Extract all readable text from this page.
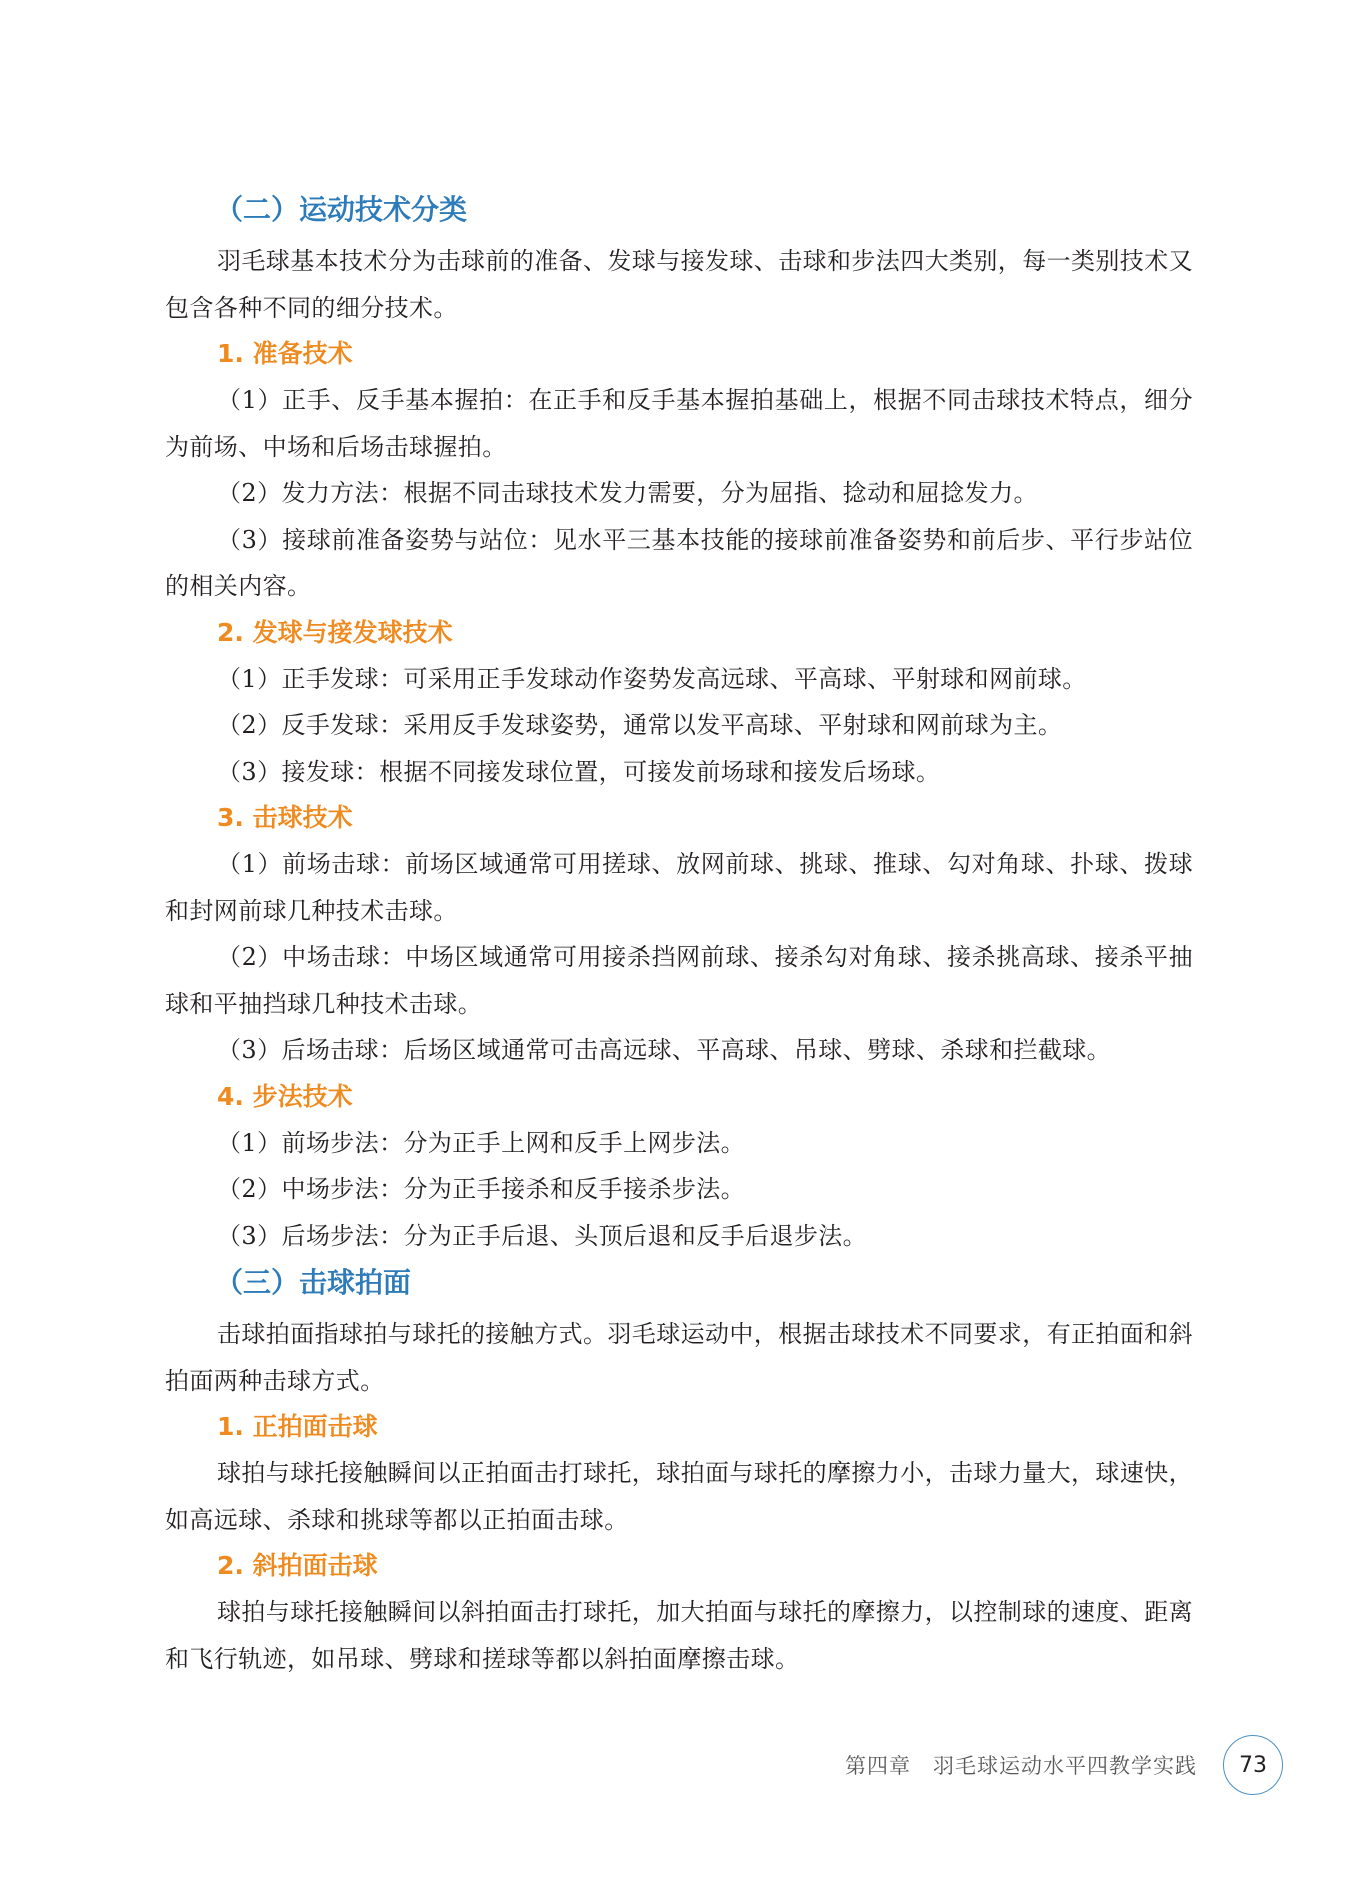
（二）运动技术分类

羽毛球基本技术分为击球前的准备、发球与接发球、击球和步法四大类别，每一类别技术又包含各种不同的细分技术。

1. 准备技术

（1）正手、反手基本握拍：在正手和反手基本握拍基础上，根据不同击球技术特点，细分为前场、中场和后场击球握拍。

（2）发力方法：根据不同击球技术发力需要，分为屈指、捻动和屈捻发力。

（3）接球前准备姿势与站位：见水平三基本技能的接球前准备姿势和前后步、平行步站位的相关内容。

2. 发球与接发球技术

（1）正手发球：可采用正手发球动作姿势发高远球、平高球、平射球和网前球。

（2）反手发球：采用反手发球姿势，通常以发平高球、平射球和网前球为主。

（3）接发球：根据不同接发球位置，可接发前场球和接发后场球。

3. 击球技术

（1）前场击球：前场区域通常可用搓球、放网前球、挑球、推球、勾对角球、扑球、拨球和封网前球几种技术击球。

（2）中场击球：中场区域通常可用接杀挡网前球、接杀勾对角球、接杀挑高球、接杀平抽球和平抽挡球几种技术击球。

（3）后场击球：后场区域通常可击高远球、平高球、吊球、劈球、杀球和拦截球。

4. 步法技术

（1）前场步法：分为正手上网和反手上网步法。

（2）中场步法：分为正手接杀和反手接杀步法。

（3）后场步法：分为正手后退、头顶后退和反手后退步法。

（三）击球拍面

击球拍面指球拍与球托的接触方式。羽毛球运动中，根据击球技术不同要求，有正拍面和斜拍面两种击球方式。

1. 正拍面击球

球拍与球托接触瞬间以正拍面击打球托，球拍面与球托的摩擦力小，击球力量大，球速快，如高远球、杀球和挑球等都以正拍面击球。

2. 斜拍面击球

球拍与球托接触瞬间以斜拍面击打球托，加大拍面与球托的摩擦力，以控制球的速度、距离和飞行轨迹，如吊球、劈球和搓球等都以斜拍面摩擦击球。

第四章　羽毛球运动水平四教学实践	73
